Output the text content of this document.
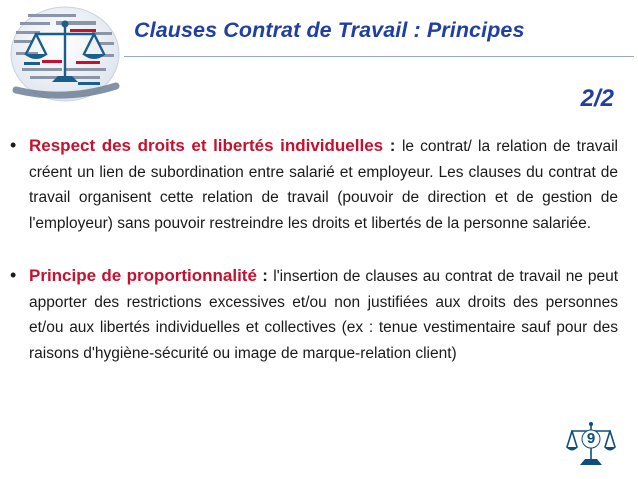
Clauses Contrat de Travail : Principes
2/2
• Respect des droits et libertés individuelles : le contrat/ la relation de travail créent un lien de subordination entre salarié et employeur. Les clauses du contrat de travail organisent cette relation de travail (pouvoir de direction et de gestion de l'employeur) sans pouvoir restreindre les droits et libertés de la personne salariée.
• Principe de proportionnalité : l'insertion de clauses au contrat de travail ne peut apporter des restrictions excessives et/ou non justifiées aux droits des personnes et/ou aux libertés individuelles et collectives (ex : tenue vestimentaire sauf pour des raisons d'hygiène-sécurité ou image de marque-relation client)
9
